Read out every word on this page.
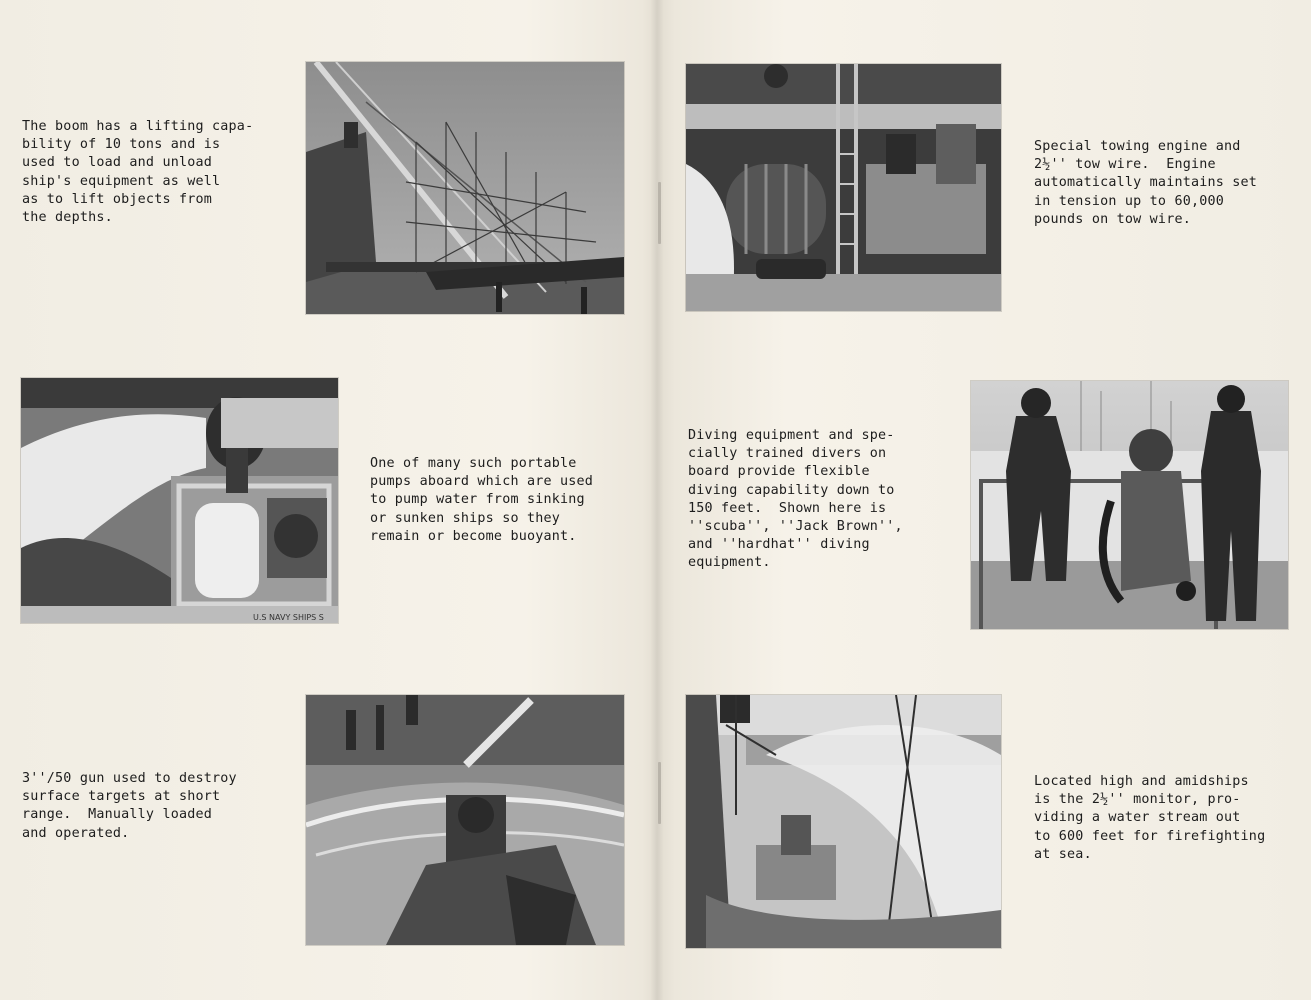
The boom has a lifting capa-
bility of 10 tons and is
used to load and unload
ship's equipment as well
as to lift objects from
the depths.

U.S NAVY SHIPS S

One of many such portable
pumps aboard which are used
to pump water from sinking
or sunken ships so they
remain or become buoyant.

3''/50 gun used to destroy
surface targets at short
range.  Manually loaded
and operated.

Special towing engine and
2½'' tow wire.  Engine
automatically maintains set
in tension up to 60,000
pounds on tow wire.

Diving equipment and spe-
cially trained divers on
board provide flexible
diving capability down to
150 feet.  Shown here is
''scuba'', ''Jack Brown'',
and ''hardhat'' diving
equipment.

Located high and amidships
is the 2½'' monitor, pro-
viding a water stream out
to 600 feet for firefighting
at sea.
